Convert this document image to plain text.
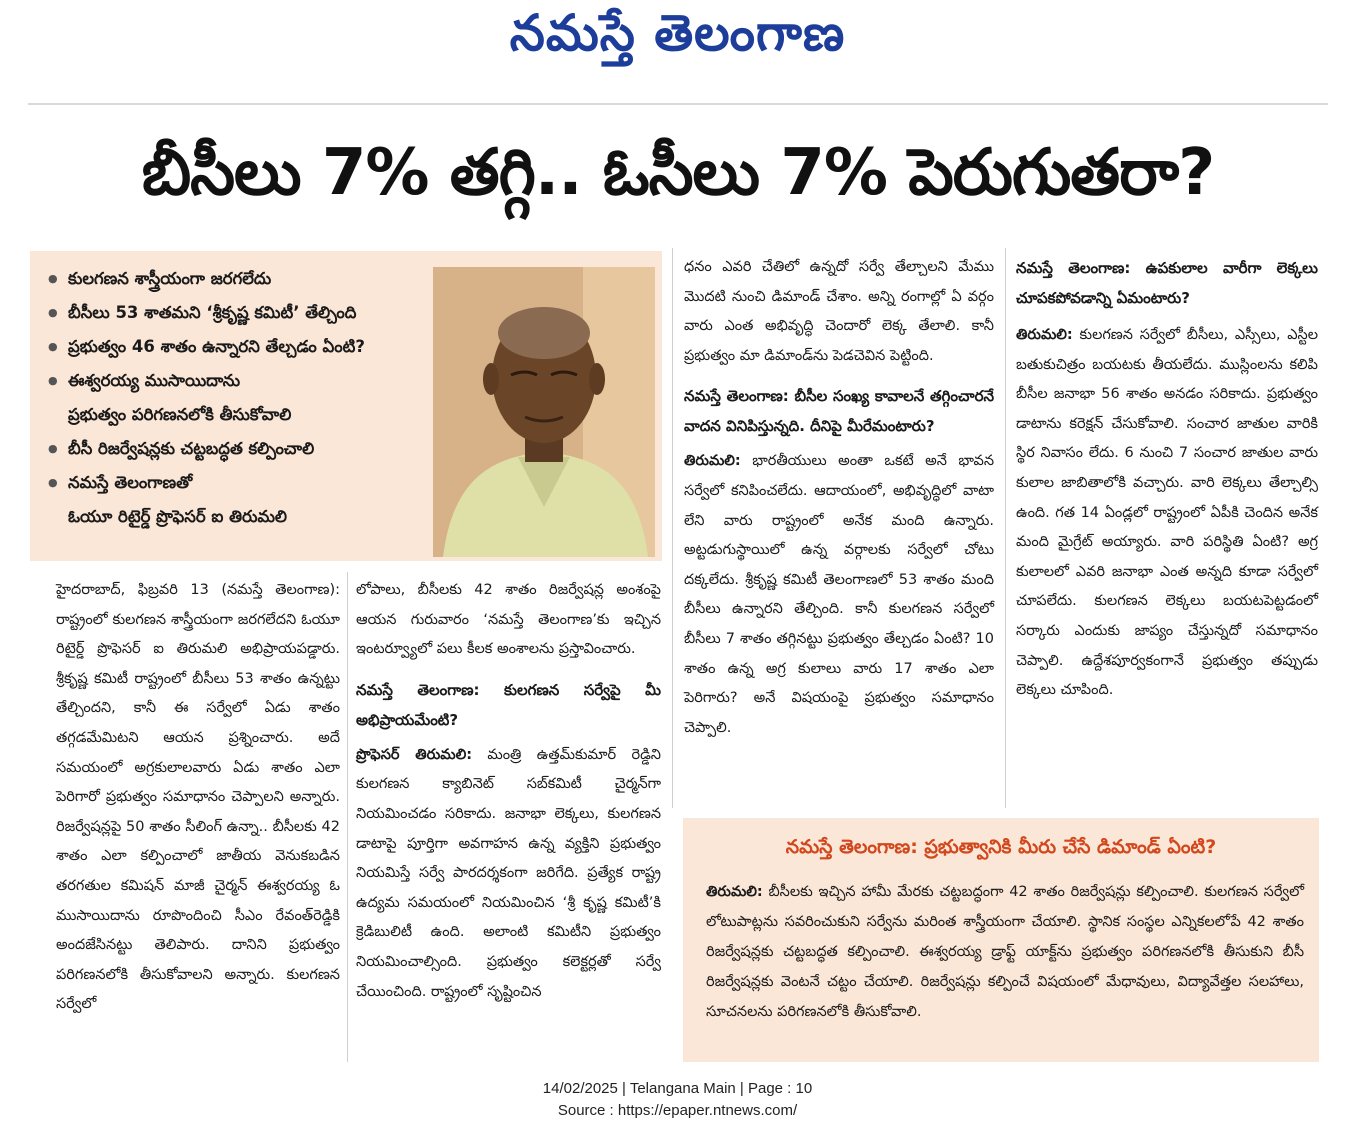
నమస్తే తెలంగాణ
బీసీలు 7% తగ్గి.. ఓసీలు 7% పెరుగుతరా?
● కులగణన శాస్త్రీయంగా జరగలేదు
● బీసీలు 53 శాతమని ‘శ్రీకృష్ణ కమిటీ’ తేల్చింది
● ప్రభుత్వం 46 శాతం ఉన్నారని తేల్చడం ఏంటి?
● ఈశ్వరయ్య ముసాయిదాను
ప్రభుత్వం పరిగణనలోకి తీసుకోవాలి
● బీసీ రిజర్వేషన్లకు చట్టబద్ధత కల్పించాలి
● నమస్తే తెలంగాణతో
ఓయూ రిటైర్డ్ ప్రొఫెసర్ ఐ తిరుమలి

హైదరాబాద్, ఫిబ్రవరి 13 (నమస్తే తెలంగాణ): రాష్ట్రంలో కులగణన శాస్త్రీయంగా జరగలేదని ఓయూ రిటైర్డ్ ప్రొఫెసర్ ఐ తిరుమలి అభిప్రాయపడ్డారు. శ్రీకృష్ణ కమిటీ రాష్ట్రంలో బీసీలు 53 శాతం ఉన్నట్టు తేల్చిందని, కానీ ఈ సర్వేలో ఏడు శాతం తగ్గడమేమిటని ఆయన ప్రశ్నించారు. అదే సమయంలో అగ్రకులాలవారు ఏడు శాతం ఎలా పెరిగారో ప్రభుత్వం సమాధానం చెప్పాలని అన్నారు. రిజర్వేషన్లపై 50 శాతం సీలింగ్ ఉన్నా.. బీసీలకు 42 శాతం ఎలా కల్పించాలో జాతీయ వెనుకబడిన తరగతుల కమిషన్ మాజీ చైర్మన్ ఈశ్వరయ్య ఓ ముసాయిదాను రూపొందించి సీఎం రేవంత్‌రెడ్డికి అందజేసినట్టు తెలిపారు. దానిని ప్రభుత్వం పరిగణనలోకి తీసుకోవాలని అన్నారు. కులగణన సర్వేలో

లోపాలు, బీసీలకు 42 శాతం రిజర్వేషన్ల అంశంపై ఆయన గురువారం ‘నమస్తే తెలంగాణ’కు ఇచ్చిన ఇంటర్వ్యూలో పలు కీలక అంశాలను ప్రస్తావించారు.

నమస్తే తెలంగాణ: కులగణన సర్వేపై మీ అభిప్రాయమేంటి?

ప్రొఫెసర్ తిరుమలి: మంత్రి ఉత్తమ్‌కుమార్ రెడ్డిని కులగణన క్యాబినెట్ సబ్‌కమిటీ చైర్మన్‌గా నియమించడం సరికాదు. జనాభా లెక్కలు, కులగణన డాటాపై పూర్తిగా అవగాహన ఉన్న వ్యక్తిని ప్రభుత్వం నియమిస్తే సర్వే పారదర్శకంగా జరిగేది. ప్రత్యేక రాష్ట్ర ఉద్యమ సమయంలో నియమించిన ‘శ్రీ కృష్ణ కమిటీ’కి క్రెడిబులిటీ ఉంది. అలాంటి కమిటీని ప్రభుత్వం నియమించాల్సింది. ప్రభుత్వం కలెక్టర్లతో సర్వే చేయించింది. రాష్ట్రంలో సృష్టించిన

ధనం ఎవరి చేతిలో ఉన్నదో సర్వే తేల్చాలని మేము మొదటి నుంచి డిమాండ్ చేశాం. అన్ని రంగాల్లో ఏ వర్గం వారు ఎంత అభివృద్ధి చెందారో లెక్క తేలాలి. కానీ ప్రభుత్వం మా డిమాండ్‌ను పెడచెవిన పెట్టింది.

నమస్తే తెలంగాణ: బీసీల సంఖ్య కావాలనే తగ్గించారనే వాదన వినిపిస్తున్నది. దీనిపై మీరేమంటారు?

తిరుమలి: భారతీయులు అంతా ఒకటే అనే భావన సర్వేలో కనిపించలేదు. ఆదాయంలో, అభివృద్ధిలో వాటా లేని వారు రాష్ట్రంలో అనేక మంది ఉన్నారు. అట్టడుగుస్థాయిలో ఉన్న వర్గాలకు సర్వేలో చోటు దక్కలేదు. శ్రీకృష్ణ కమిటీ తెలంగాణలో 53 శాతం మంది బీసీలు ఉన్నారని తేల్చింది. కానీ కులగణన సర్వేలో బీసీలు 7 శాతం తగ్గినట్టు ప్రభుత్వం తేల్చడం ఏంటి? 10 శాతం ఉన్న అగ్ర కులాలు వారు 17 శాతం ఎలా పెరిగారు? అనే విషయంపై ప్రభుత్వం సమాధానం చెప్పాలి.

నమస్తే తెలంగాణ: ఉపకులాల వారీగా లెక్కలు చూపకపోవడాన్ని ఏమంటారు?

తిరుమలి: కులగణన సర్వేలో బీసీలు, ఎస్సీలు, ఎస్టీల బతుకుచిత్రం బయటకు తీయలేదు. ముస్లింలను కలిపి బీసీల జనాభా 56 శాతం అనడం సరికాదు. ప్రభుత్వం డాటాను కరెక్షన్ చేసుకోవాలి. సంచార జాతుల వారికి స్థిర నివాసం లేదు. 6 నుంచి 7 సంచార జాతుల వారు కులాల జాబితాలోకి వచ్చారు. వారి లెక్కలు తేల్చాల్సి ఉంది. గత 14 ఏండ్లలో రాష్ట్రంలో ఏపీకి చెందిన అనేక మంది మైగ్రేట్ అయ్యారు. వారి పరిస్థితి ఏంటి? అగ్ర కులాలలో ఎవరి జనాభా ఎంత అన్నది కూడా సర్వేలో చూపలేదు. కులగణన లెక్కలు బయటపెట్టడంలో సర్కారు ఎందుకు జాప్యం చేస్తున్నదో సమాధానం చెప్పాలి. ఉద్దేశపూర్వకంగానే ప్రభుత్వం తప్పుడు లెక్కలు చూపింది.

నమస్తే తెలంగాణ: ప్రభుత్వానికి మీరు చేసే డిమాండ్ ఏంటి?
తిరుమలి: బీసీలకు ఇచ్చిన హామీ మేరకు చట్టబద్ధంగా 42 శాతం రిజర్వేషన్లు కల్పించాలి. కులగణన సర్వేలో లోటుపాట్లను సవరించుకుని సర్వేను మరింత శాస్త్రీయంగా చేయాలి. స్థానిక సంస్థల ఎన్నికలలోపే 42 శాతం రిజర్వేషన్లకు చట్టబద్ధత కల్పించాలి. ఈశ్వరయ్య డ్రాఫ్ట్ యాక్ట్‌ను ప్రభుత్వం పరిగణనలోకి తీసుకుని బీసీ రిజర్వేషన్లకు వెంటనే చట్టం చేయాలి. రిజర్వేషన్లు కల్పించే విషయంలో మేధావులు, విద్యావేత్తల సలహాలు, సూచనలను పరిగణనలోకి తీసుకోవాలి.
14/02/2025 | Telangana Main | Page : 10
Source : https://epaper.ntnews.com/
